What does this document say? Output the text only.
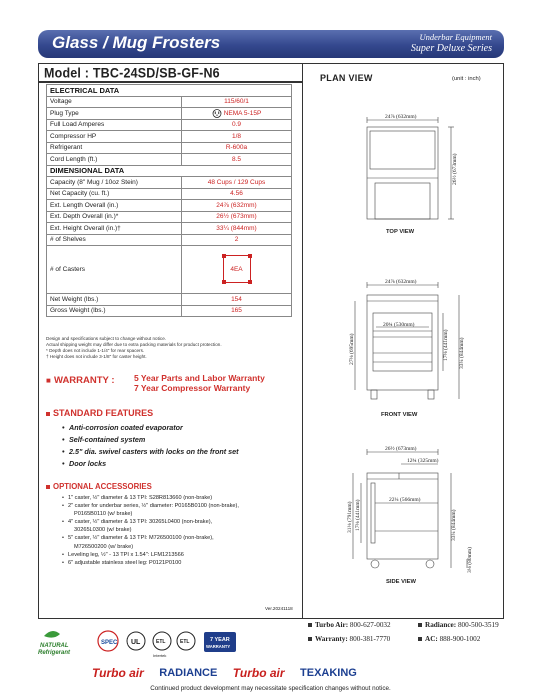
Glass / Mug Frosters	Underbar Equipment
Super Deluxe Series
Model : TBC-24SD/SB-GF-N6
ELECTRICAL DATA	
Voltage	115/60/1
Plug Type	NEMA 5-15P
Full Load Amperes	0.9
Compressor HP	1/8
Refrigerant	R-600a
Cord Length (ft.)	8.5
DIMENSIONAL DATA	
Capacity (8" Mug / 10oz Stein)	48 Cups / 129 Cups
Net Capacity (cu. ft.)	4.56
Ext. Length Overall (in.)	24⅞ (632mm)
Ext. Depth Overall (in.)*	26½ (673mm)
Ext. Height Overall (in.)†	33¼ (844mm)
# of Shelves	2
# of Casters	4EA

Net Weight (lbs.)	154
Gross Weight (lbs.)	165
Design and specifications subject to change without notice.
Actual shipping weight may differ due to extra packing materials for product protection.
* Depth does not include 1-1/4" for rear spacers.
† Height does not include 3-1/8" for caster height.
■ WARRANTY : 5 Year Parts and Labor Warranty
7 Year Compressor Warranty
STANDARD FEATURES
• Anti-corrosion coated evaporator
• Self-contained system
• 2.5" dia. swivel casters with locks on the front set
• Door locks
OPTIONAL ACCESSORIES
• 1" caster, ½" diameter & 13 TPI: S28R813660 (non-brake)
• 2" caster for underbar series, ½" diameter: P0165B0100 (non-brake),
P0165B0110 (w/ brake)
• 4" caster, ½" diameter & 13 TPI: 30265L0400 (non-brake),
30265L0300 (w/ brake)
• 5" caster, ½" diameter & 13 TPI: M726500100 (non-brake),
M726500200 (w/ brake)
• Leveling leg, ½" - 13 TPI x 1.54": LFM1213566
• 6" adjustable stainless steel leg: P0121P0100
Ver.20241118
PLAN VIEW	(unit : inch)
24⅞ (632mm)
26½ (673mm)
24⅞ (632mm)
20¾ (530mm)
27⅜ (695mm)	17⅜ (441mm) 33¼ (844mm)
26½ (673mm)
12¾ (325mm)
22¼ (566mm)
31⅛ (791mm) 17⅜ (441mm)	33¼ (844mm)
3⅛ (80mm)
TOP VIEW
FRONT VIEW
SIDE VIEW
Turbo Air: 800-627-0032	Radiance: 800-500-3519
Warranty: 800-381-7770	AC: 888-900-1002
NATURAL
Refrigerant
SPEC UL	ETL
Intertek
ETL	7 YEAR
WARRANTY
Turbo air RADIANCE Turbo air TEXAKING
Continued product development may necessitate specification changes without notice.
